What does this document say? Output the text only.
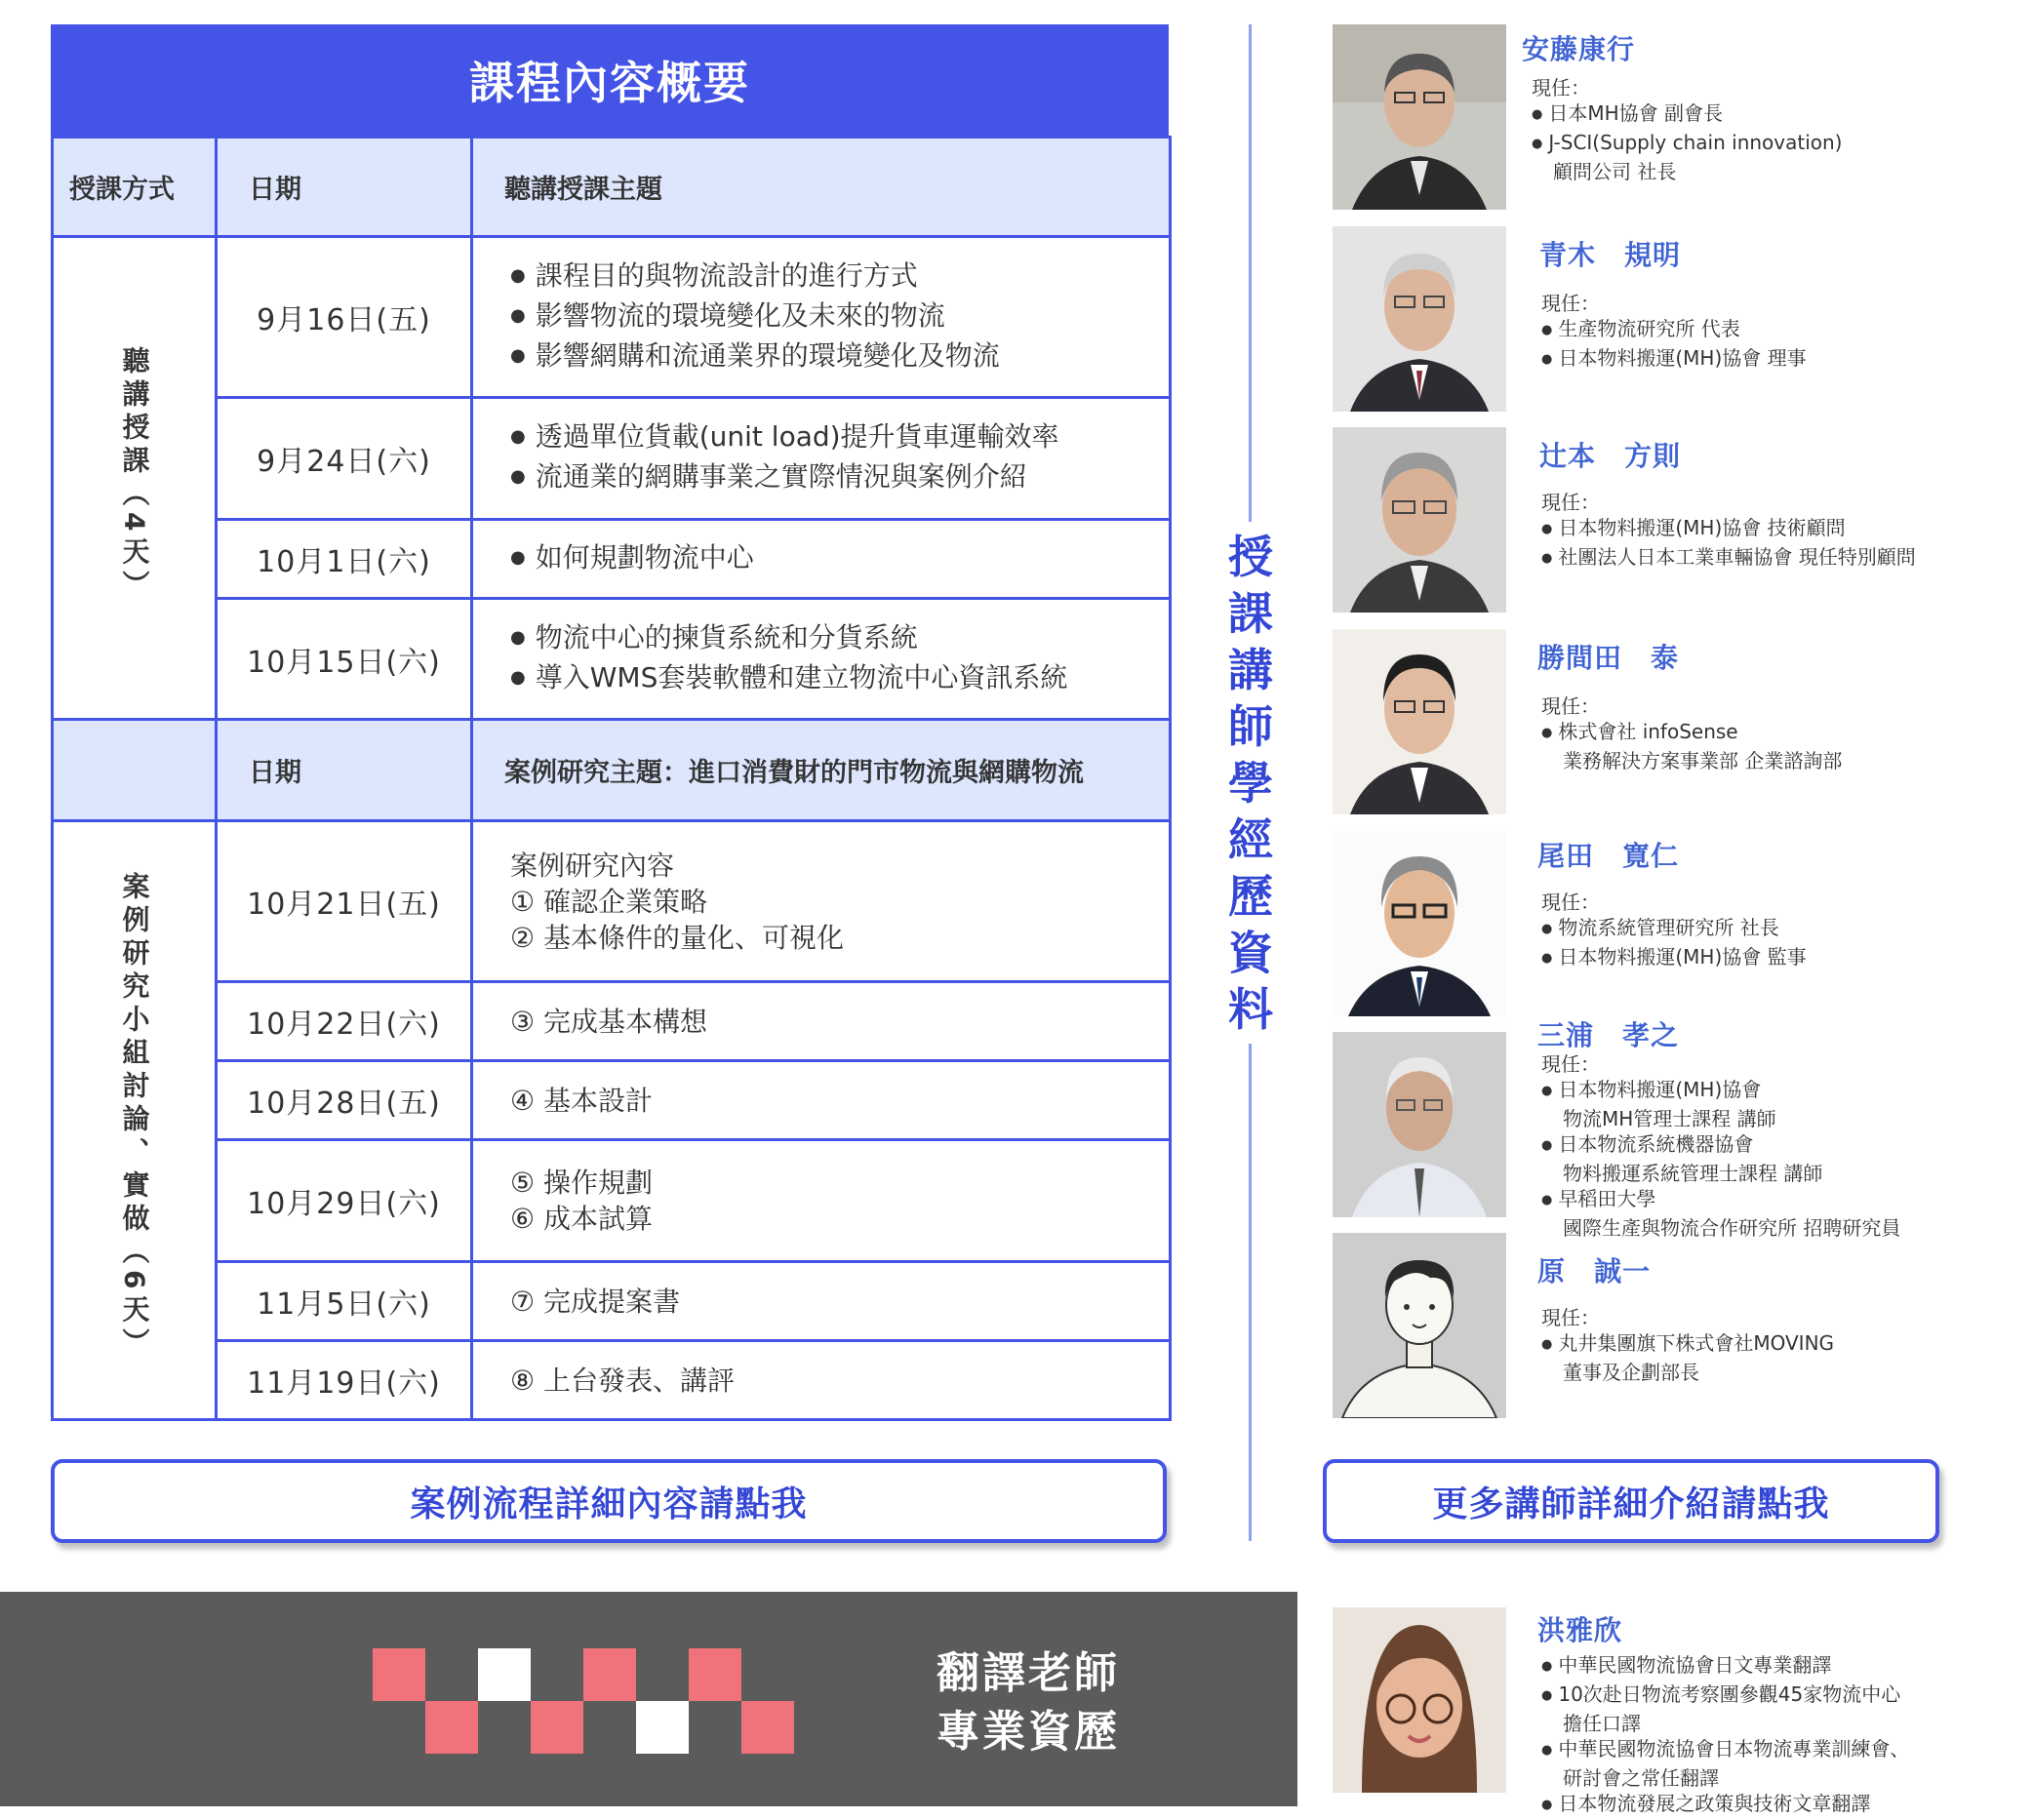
課程內容概要
授課方式	日期	聽講授課主題
聽講授課（4天）	9月16日(五)	● 課程目的與物流設計的進行方式
● 影響物流的環境變化及未來的物流
● 影響網購和流通業界的環境變化及物流

	9月24日(六)	● 透過單位貨載(unit load)提升貨車運輸效率
● 流通業的網購事業之實際情況與案例介紹

	10月1日(六)	● 如何規劃物流中心

	10月15日(六)	● 物流中心的揀貨系統和分貨系統
● 導入WMS套裝軟體和建立物流中心資訊系統

	日期	案例研究主題：進口消費財的門市物流與網購物流
案例研究小組討論、實做（6天）	10月21日(五)	案例研究內容
① 確認企業策略
② 基本條件的量化、可視化

	10月22日(六)	③ 完成基本構想

	10月28日(五)	④ 基本設計

	10月29日(六)	⑤ 操作規劃
⑥ 成本試算

	11月5日(六)	⑦ 完成提案書

	11月19日(六)	⑧ 上台發表、講評
案例流程詳細內容請點我	更多講師詳細介紹請點我
翻譯老師
專業資歷
授
課
講
師
學
經
歷
資
料
安藤康行
現任：
● 日本MH協會 副會長
● J-SCI(Supply chain innovation)
顧問公司 社長
青木　規明
現任：
● 生產物流研究所 代表
● 日本物料搬運(MH)協會 理事
辻本　方則
現任：
● 日本物料搬運(MH)協會 技術顧問
● 社團法人日本工業車輛協會 現任特別顧問
勝間田　泰
現任：
● 株式會社 infoSense
業務解決方案事業部 企業諮詢部
尾田　寛仁
現任：
● 物流系統管理研究所 社長
● 日本物料搬運(MH)協會 監事
三浦　孝之
現任：
● 日本物料搬運(MH)協會
物流MH管理士課程 講師
● 日本物流系統機器協會
物料搬運系統管理士課程 講師
● 早稻田大學
國際生產與物流合作研究所 招聘研究員
原　誠一
現任：
● 丸井集團旗下株式會社MOVING
董事及企劃部長
洪雅欣
● 中華民國物流協會日文專業翻譯
● 10次赴日物流考察團參觀45家物流中心
擔任口譯
● 中華民國物流協會日本物流專業訓練會、
研討會之常任翻譯
● 日本物流發展之政策與技術文章翻譯
